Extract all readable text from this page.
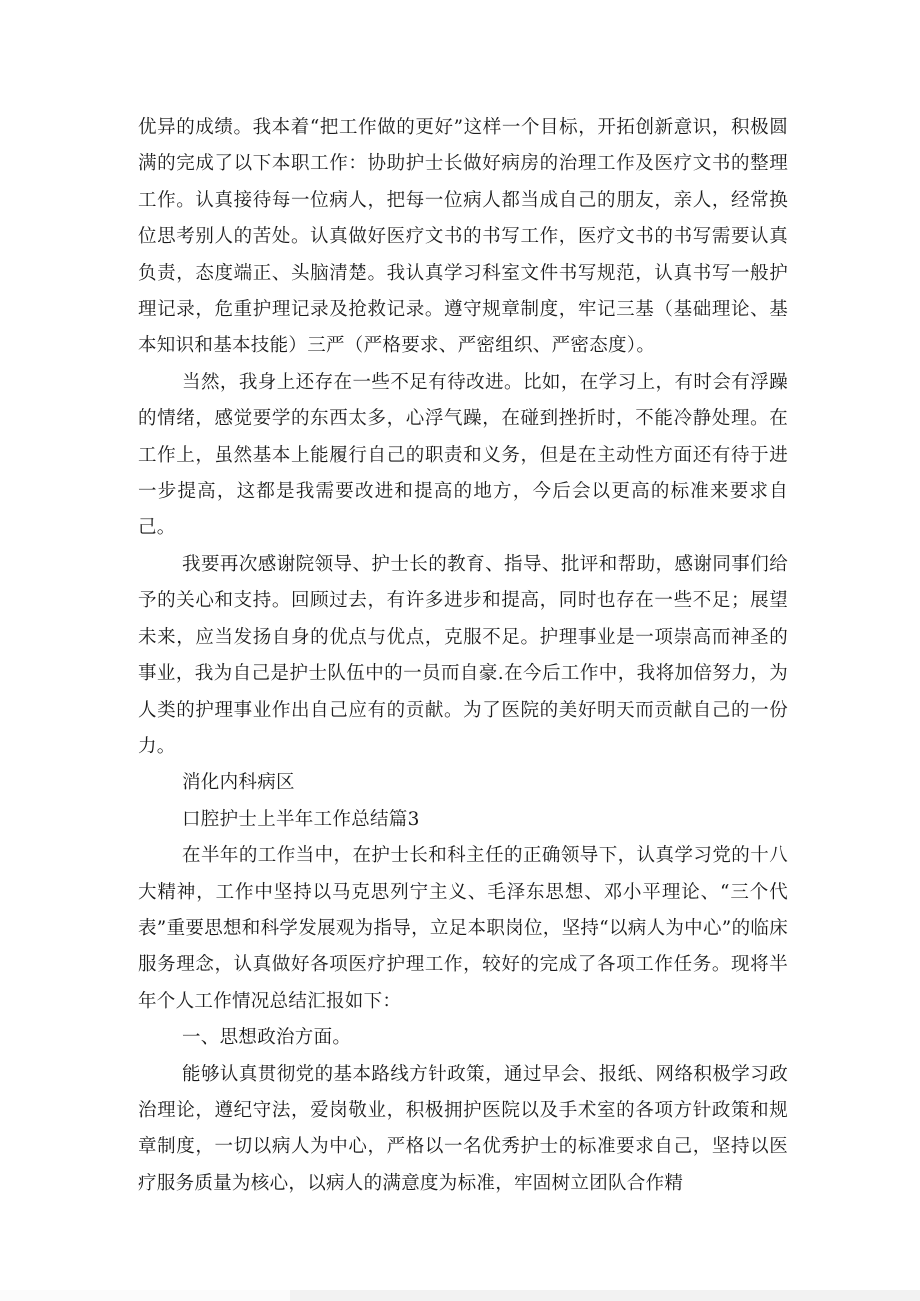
优异的成绩。我本着“把工作做的更好”这样一个目标，开拓创新意识，积极圆满的完成了以下本职工作：协助护士长做好病房的治理工作及医疗文书的整理工作。认真接待每一位病人，把每一位病人都当成自己的朋友，亲人，经常换位思考别人的苦处。认真做好医疗文书的书写工作，医疗文书的书写需要认真负责，态度端正、头脑清楚。我认真学习科室文件书写规范，认真书写一般护理记录，危重护理记录及抢救记录。遵守规章制度，牢记三基（基础理论、基本知识和基本技能）三严（严格要求、严密组织、严密态度）。

当然，我身上还存在一些不足有待改进。比如，在学习上，有时会有浮躁的情绪，感觉要学的东西太多，心浮气躁，在碰到挫折时，不能冷静处理。在工作上，虽然基本上能履行自己的职责和义务，但是在主动性方面还有待于进一步提高，这都是我需要改进和提高的地方，今后会以更高的标准来要求自己。

我要再次感谢院领导、护士长的教育、指导、批评和帮助，感谢同事们给予的关心和支持。回顾过去，有许多进步和提高，同时也存在一些不足；展望未来，应当发扬自身的优点与优点，克服不足。护理事业是一项崇高而神圣的事业，我为自己是护士队伍中的一员而自豪.在今后工作中，我将加倍努力，为人类的护理事业作出自己应有的贡献。为了医院的美好明天而贡献自己的一份力。

消化内科病区

口腔护士上半年工作总结篇3

在半年的工作当中，在护士长和科主任的正确领导下，认真学习党的十八大精神，工作中坚持以马克思列宁主义、毛泽东思想、邓小平理论、“三个代表”重要思想和科学发展观为指导，立足本职岗位，坚持“以病人为中心”的临床服务理念，认真做好各项医疗护理工作，较好的完成了各项工作任务。现将半年个人工作情况总结汇报如下：

一、思想政治方面。

能够认真贯彻党的基本路线方针政策，通过早会、报纸、网络积极学习政治理论，遵纪守法，爱岗敬业，积极拥护医院以及手术室的各项方针政策和规章制度，一切以病人为中心，严格以一名优秀护士的标准要求自己，坚持以医疗服务质量为核心，以病人的满意度为标准，牢固树立团队合作精
